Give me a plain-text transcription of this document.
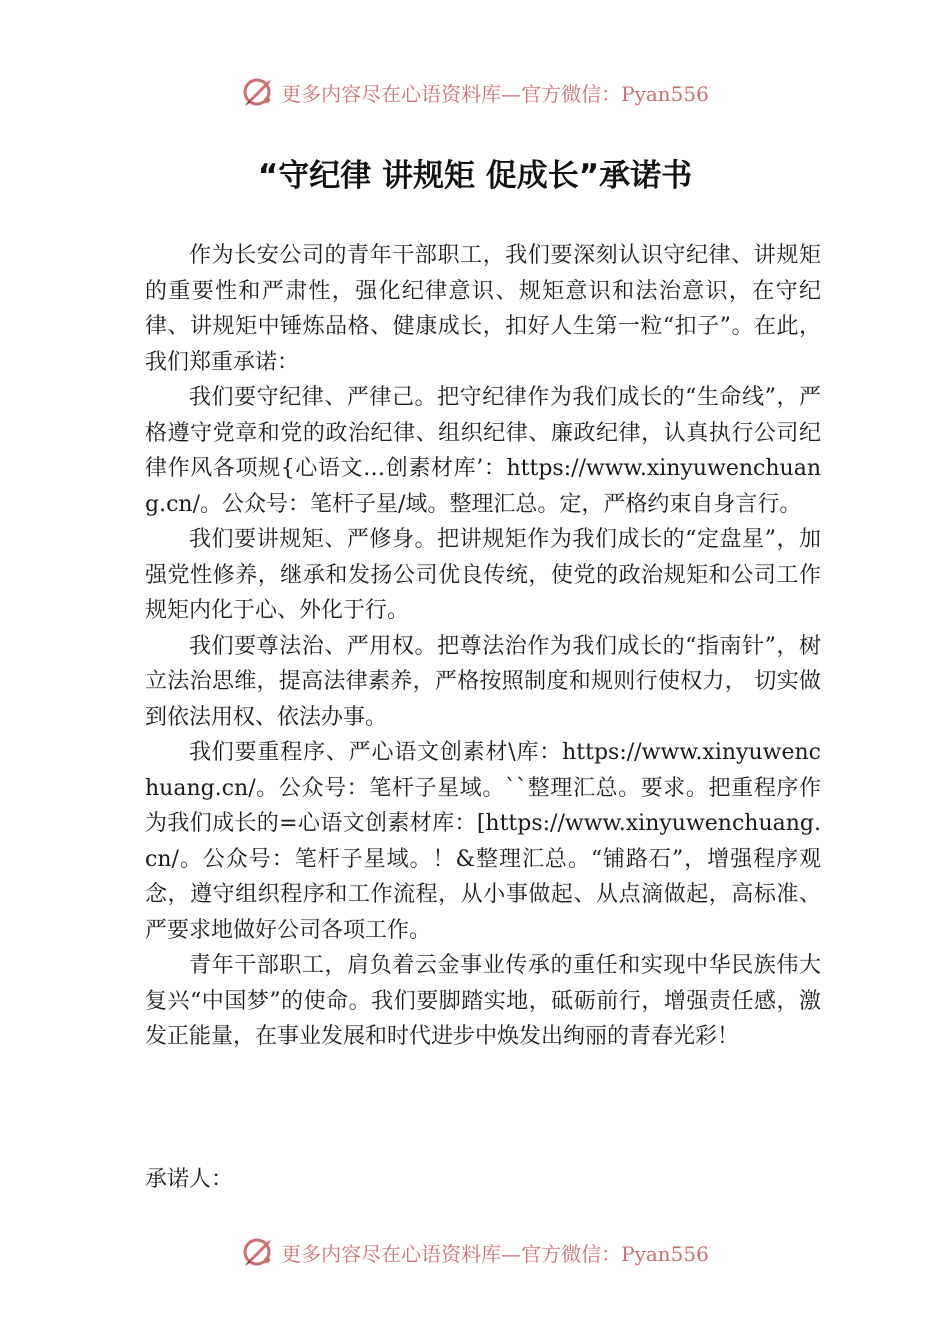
更多内容尽在心语资料库—官方微信：Pyan556
“守纪律 讲规矩 促成长”承诺书

作为长安公司的青年干部职工，我们要深刻认识守纪律、讲规矩的重要性和严肃性，强化纪律意识、规矩意识和法治意识，在守纪律、讲规矩中锤炼品格、健康成长，扣好人生第一粒“扣子”。在此，我们郑重承诺：

我们要守纪律、严律己。把守纪律作为我们成长的“生命线”，严格遵守党章和党的政治纪律、组织纪律、廉政纪律，认真执行公司纪律作风各项规{心语文…创素材库’：https://www.xinyuwenchuang.cn/。公众号：笔杆子星/域。整理汇总。定，严格约束自身言行。

我们要讲规矩、严修身。把讲规矩作为我们成长的“定盘星”，加强党性修养，继承和发扬公司优良传统，使党的政治规矩和公司工作规矩内化于心、外化于行。

我们要尊法治、严用权。把尊法治作为我们成长的“指南针”，树立法治思维，提高法律素养，严格按照制度和规则行使权力， 切实做到依法用权、依法办事。

我们要重程序、严心语文创素材\库：https://www.xinyuwenchuang.cn/。公众号：笔杆子星域。``整理汇总。要求。把重程序作为我们成长的=心语文创素材库：[https://www.xinyuwenchuang.cn/。公众号：笔杆子星域。！&整理汇总。“铺路石”，增强程序观念，遵守组织程序和工作流程，从小事做起、从点滴做起，高标准、严要求地做好公司各项工作。

青年干部职工，肩负着云金事业传承的重任和实现中华民族伟大复兴“中国梦”的使命。我们要脚踏实地，砥砺前行，增强责任感，激发正能量，在事业发展和时代进步中焕发出绚丽的青春光彩！

承诺人：
更多内容尽在心语资料库—官方微信：Pyan556
